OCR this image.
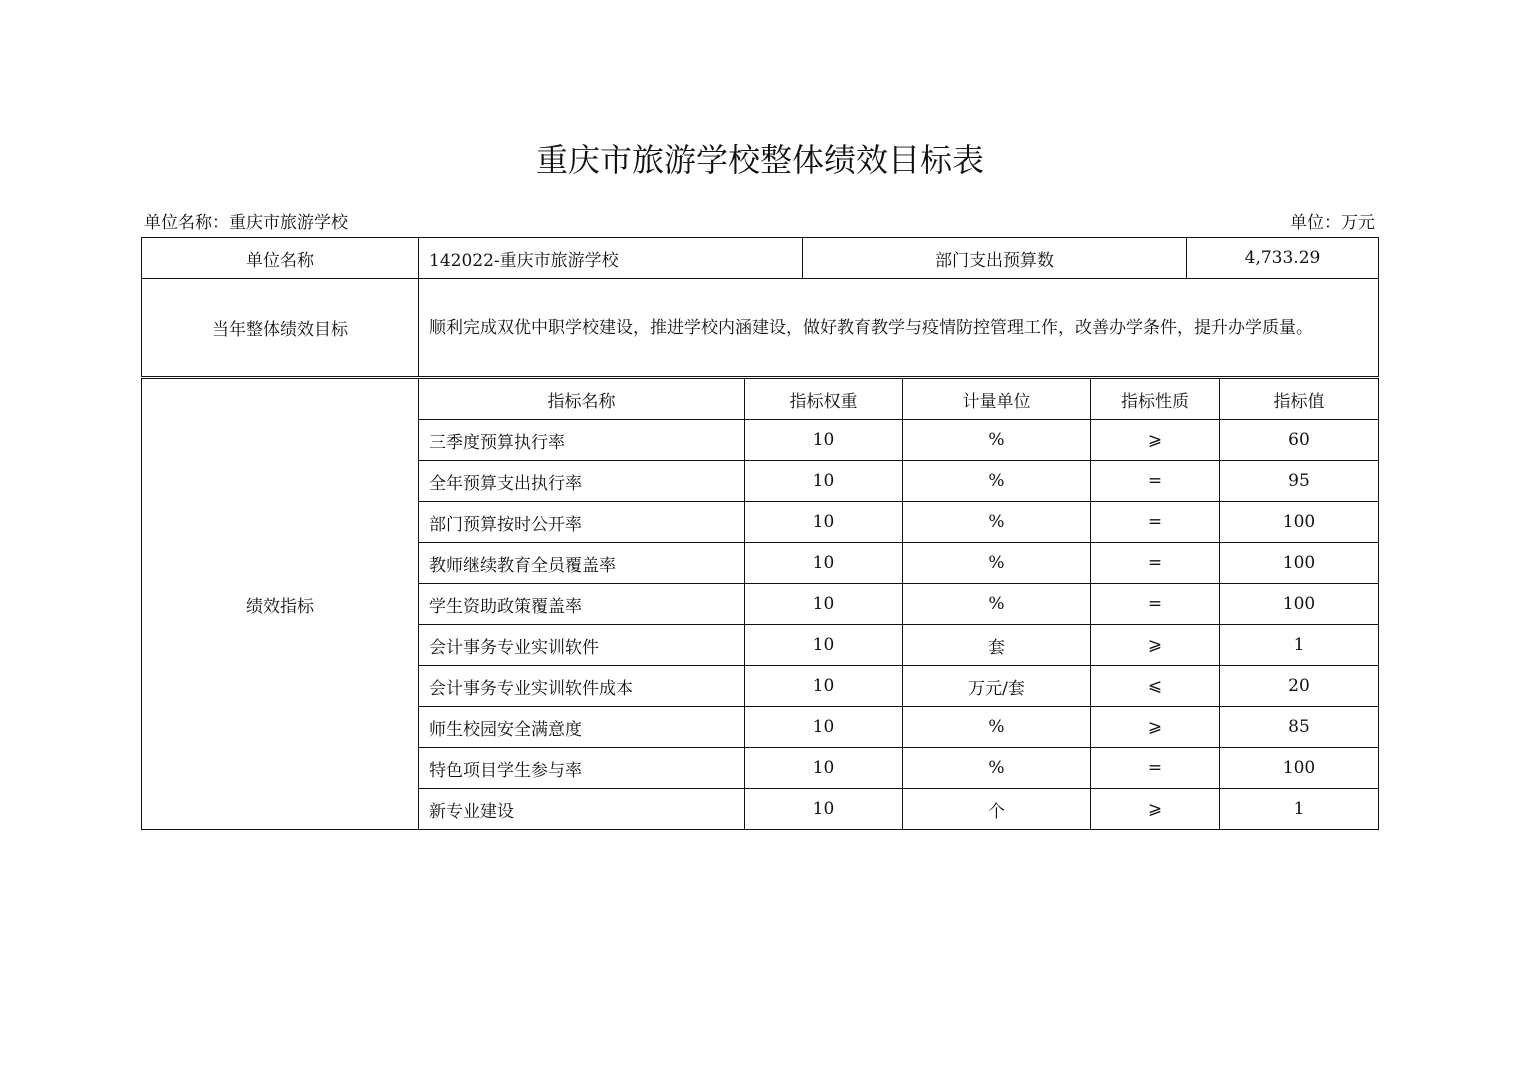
重庆市旅游学校整体绩效目标表
单位名称：重庆市旅游学校	单位：万元
单位名称	142022-重庆市旅游学校	部门支出预算数	4,733.29
当年整体绩效目标	顺利完成双优中职学校建设，推进学校内涵建设，做好教育教学与疫情防控管理工作，改善办学条件，提升办学质量。		
绩效指标	指标名称	指标权重	计量单位	指标性质	指标值
	三季度预算执行率	10	%	⩾	60
	全年预算支出执行率	10	%	=	95
	部门预算按时公开率	10	%	=	100
	教师继续教育全员覆盖率	10	%	=	100
	学生资助政策覆盖率	10	%	=	100
	会计事务专业实训软件	10	套	⩾	1
	会计事务专业实训软件成本	10	万元/套	⩽	20
	师生校园安全满意度	10	%	⩾	85
	特色项目学生参与率	10	%	=	100
	新专业建设	10	个	⩾	1
